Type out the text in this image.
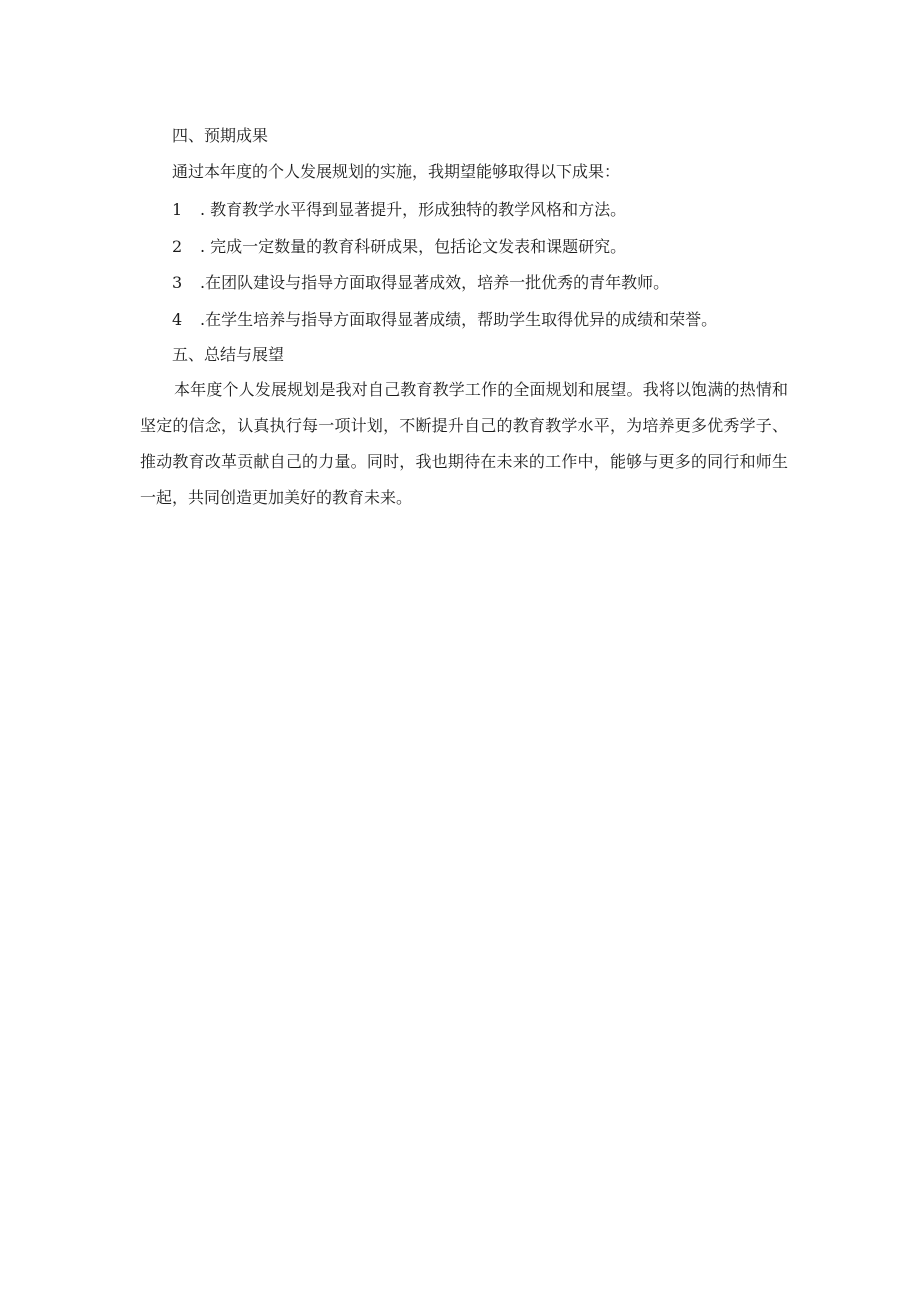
四、预期成果

通过本年度的个人发展规划的实施，我期望能够取得以下成果：

1 . 教育教学水平得到显著提升，形成独特的教学风格和方法。

2 . 完成一定数量的教育科研成果，包括论文发表和课题研究。

3 .在团队建设与指导方面取得显著成效，培养一批优秀的青年教师。

4 .在学生培养与指导方面取得显著成绩，帮助学生取得优异的成绩和荣誉。

五、总结与展望

本年度个人发展规划是我对自己教育教学工作的全面规划和展望。我将以饱满的热情和坚定的信念，认真执行每一项计划，不断提升自己的教育教学水平，为培养更多优秀学子、推动教育改革贡献自己的力量。同时，我也期待在未来的工作中，能够与更多的同行和师生一起，共同创造更加美好的教育未来。
